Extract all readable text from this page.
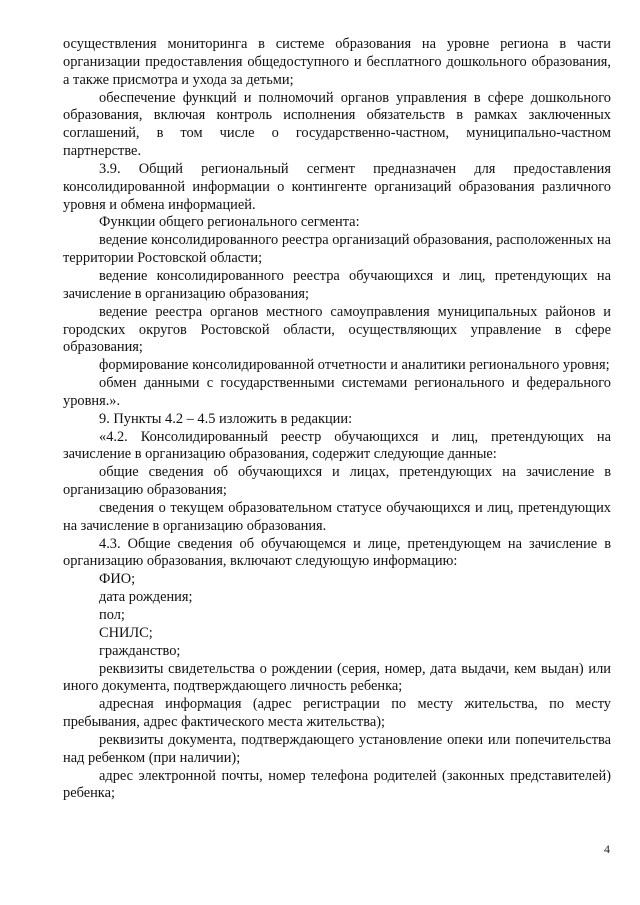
осуществления мониторинга в системе образования на уровне региона в части организации предоставления общедоступного и бесплатного дошкольного образования, а также присмотра и ухода за детьми;

обеспечение функций и полномочий органов управления в сфере дошкольного образования, включая контроль исполнения обязательств в рамках заключенных соглашений, в том числе о государственно-частном, муниципально-частном партнерстве.

3.9. Общий региональный сегмент предназначен для предоставления консолидированной информации о контингенте организаций образования различного уровня и обмена информацией.

Функции общего регионального сегмента:

ведение консолидированного реестра организаций образования, расположенных на территории Ростовской области;

ведение консолидированного реестра обучающихся и лиц, претендующих на зачисление в организацию образования;

ведение реестра органов местного самоуправления муниципальных районов и городских округов Ростовской области, осуществляющих управление в сфере образования;

формирование консолидированной отчетности и аналитики регионального уровня;

обмен данными с государственными системами регионального и федерального уровня.».

9. Пункты 4.2 – 4.5 изложить в редакции:

«4.2. Консолидированный реестр обучающихся и лиц, претендующих на зачисление в организацию образования, содержит следующие данные:

общие сведения об обучающихся и лицах, претендующих на зачисление в организацию образования;

сведения о текущем образовательном статусе обучающихся и лиц, претендующих на зачисление в организацию образования.

4.3. Общие сведения об обучающемся и лице, претендующем на зачисление в организацию образования, включают следующую информацию:

ФИО;

дата рождения;

пол;

СНИЛС;

гражданство;

реквизиты свидетельства о рождении (серия, номер, дата выдачи, кем выдан) или иного документа, подтверждающего личность ребенка;

адресная информация (адрес регистрации по месту жительства, по месту пребывания, адрес фактического места жительства);

реквизиты документа, подтверждающего установление опеки или попечительства над ребенком (при наличии);

адрес электронной почты, номер телефона родителей (законных представителей) ребенка;

4
